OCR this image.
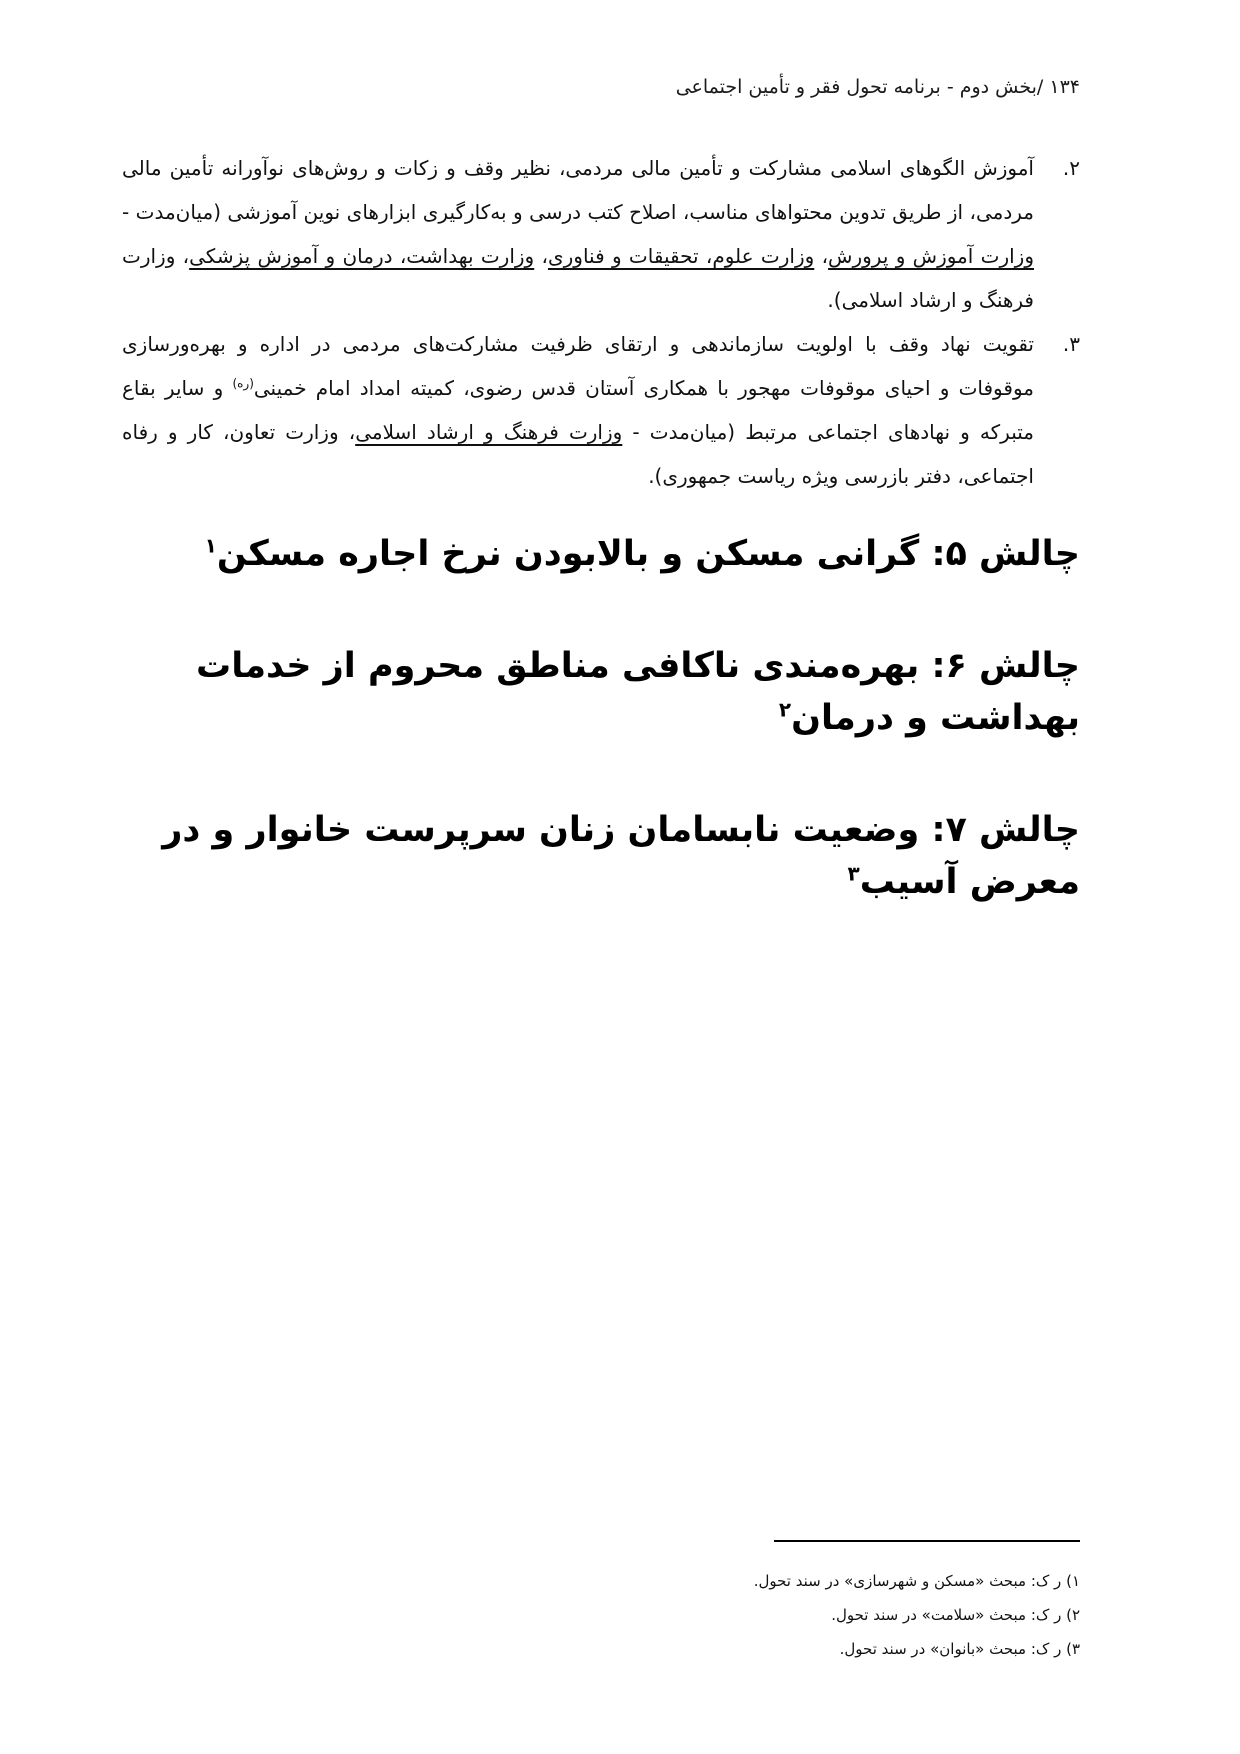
۱۳۴ /بخش دوم - برنامه تحول فقر و تأمین اجتماعی
۲.
آموزش الگوهای اسلامی مشارکت و تأمین مالی مردمی، نظیر وقف و زکات و روش‌های نوآورانه تأمین مالی مردمی، از طریق تدوین محتواهای مناسب، اصلاح کتب درسی و به‌کارگیری ابزارهای نوین آموزشی (میان‌مدت - وزارت آموزش و پرورش، وزارت علوم، تحقیقات و فناوری، وزارت بهداشت، درمان و آموزش پزشکی، وزارت فرهنگ و ارشاد اسلامی).
۳.
تقویت نهاد وقف با اولویت سازماندهی و ارتقای ظرفیت مشارکت‌های مردمی در اداره و بهره‌ورسازی موقوفات و احیای موقوفات مهجور با همکاری آستان قدس رضوی، کمیته امداد امام خمینی$^{(ره)}$ و سایر بقاع متبرکه و نهادهای اجتماعی مرتبط (میان‌مدت - وزارت فرهنگ و ارشاد اسلامی، وزارت تعاون، کار و رفاه اجتماعی، دفتر بازرسی ویژه ریاست جمهوری).
چالش ۵: گرانی مسکن و بالابودن نرخ اجاره مسکن$^۱$
چالش ۶: بهره‌مندی ناکافی مناطق محروم از خدمات بهداشت و درمان$^۲$
چالش ۷: وضعیت نابسامان زنان سرپرست خانوار و در معرض آسیب$^۳$
۱) ر ک: مبحث «مسکن و شهرسازی» در سند تحول.
۲) ر ک: مبحث «سلامت» در سند تحول.
۳) ر ک: مبحث «بانوان» در سند تحول.
